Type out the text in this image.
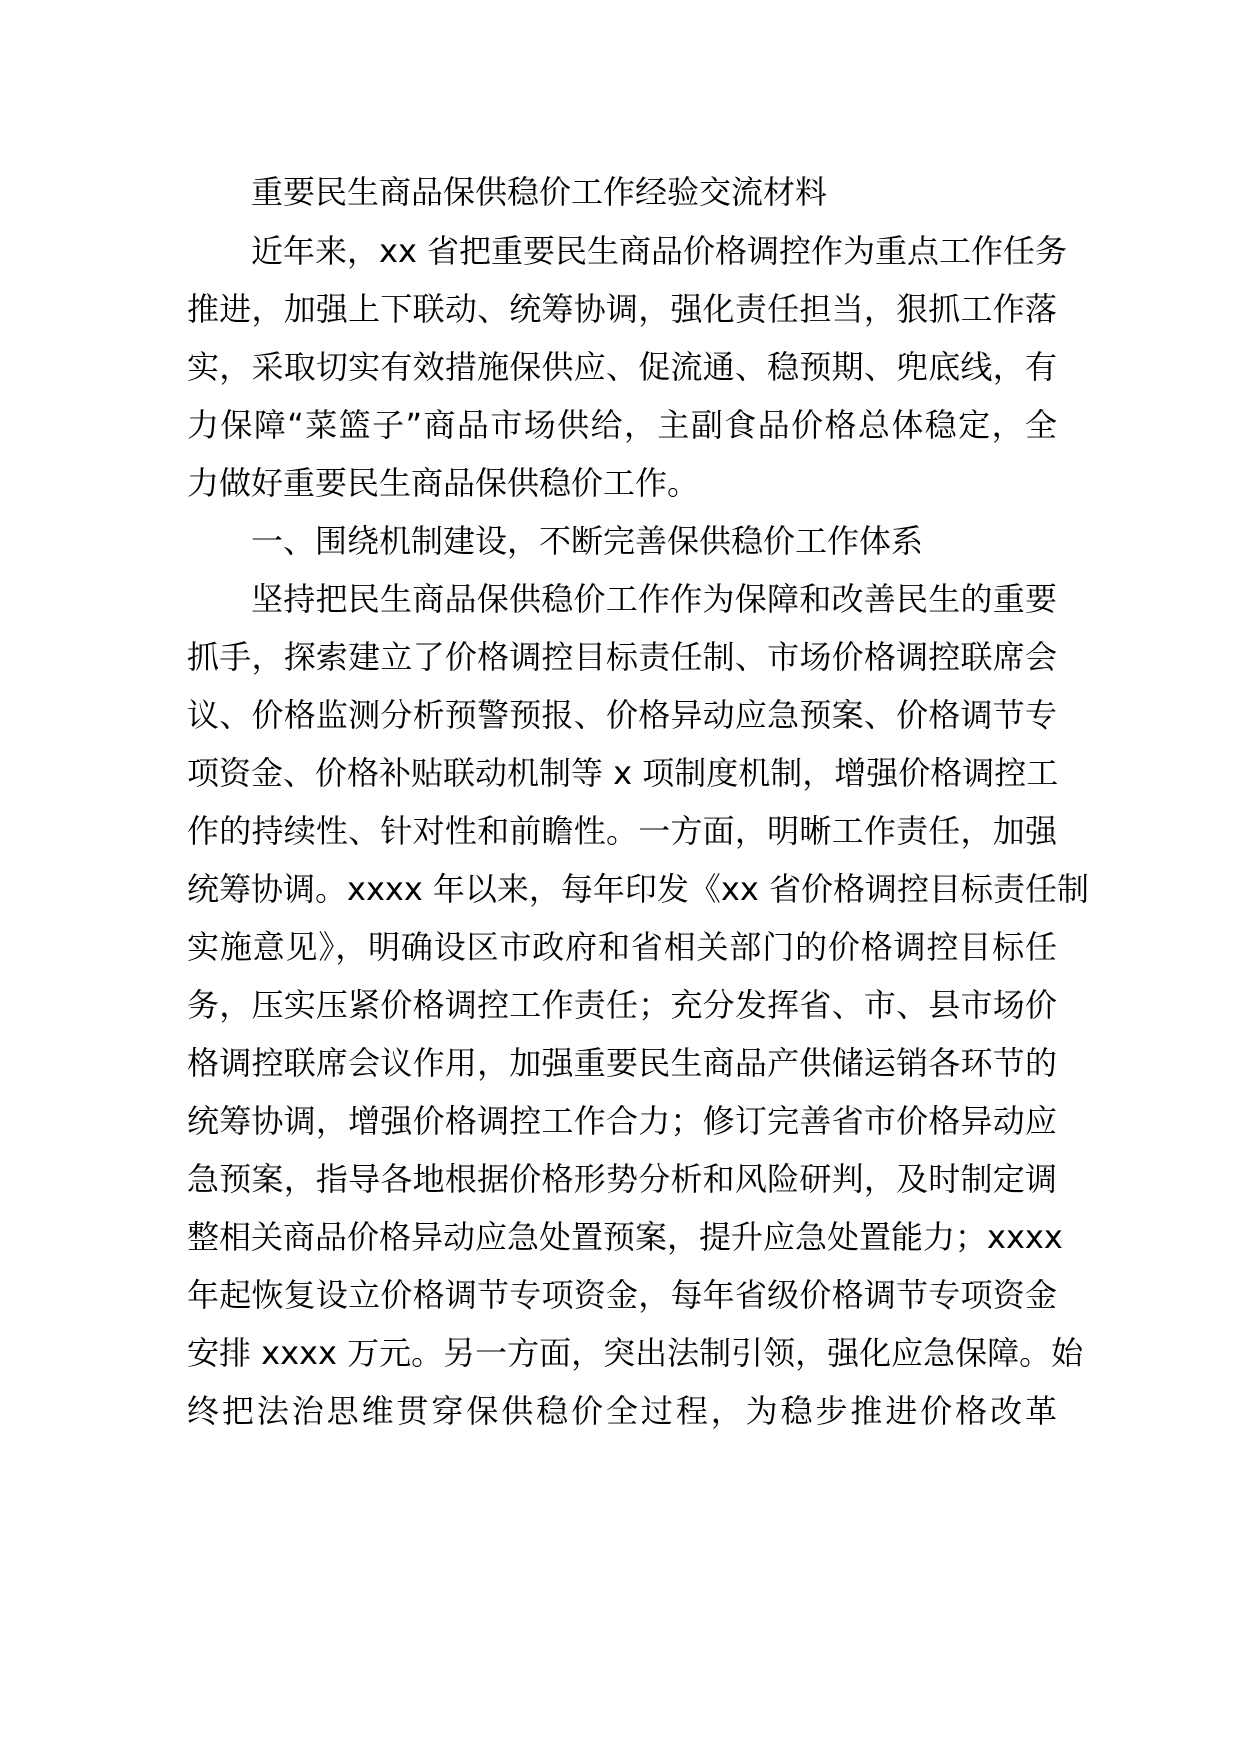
重要民生商品保供稳价工作经验交流材料
近年来，xx 省把重要民生商品价格调控作为重点工作任务
推进，加强上下联动、统筹协调，强化责任担当，狠抓工作落
实，采取切实有效措施保供应、促流通、稳预期、兜底线，有
力保障“菜篮子”商品市场供给，主副食品价格总体稳定，全
力做好重要民生商品保供稳价工作。
一、围绕机制建设，不断完善保供稳价工作体系
坚持把民生商品保供稳价工作作为保障和改善民生的重要
抓手，探索建立了价格调控目标责任制、市场价格调控联席会
议、价格监测分析预警预报、价格异动应急预案、价格调节专
项资金、价格补贴联动机制等 x 项制度机制，增强价格调控工
作的持续性、针对性和前瞻性。一方面，明晰工作责任，加强
统筹协调。xxxx 年以来，每年印发《xx 省价格调控目标责任制
实施意见》，明确设区市政府和省相关部门的价格调控目标任
务，压实压紧价格调控工作责任；充分发挥省、市、县市场价
格调控联席会议作用，加强重要民生商品产供储运销各环节的
统筹协调，增强价格调控工作合力；修订完善省市价格异动应
急预案，指导各地根据价格形势分析和风险研判，及时制定调
整相关商品价格异动应急处置预案，提升应急处置能力；xxxx
年起恢复设立价格调节专项资金，每年省级价格调节专项资金
安排 xxxx 万元。另一方面，突出法制引领，强化应急保障。始
终把法治思维贯穿保供稳价全过程，为稳步推进价格改革
